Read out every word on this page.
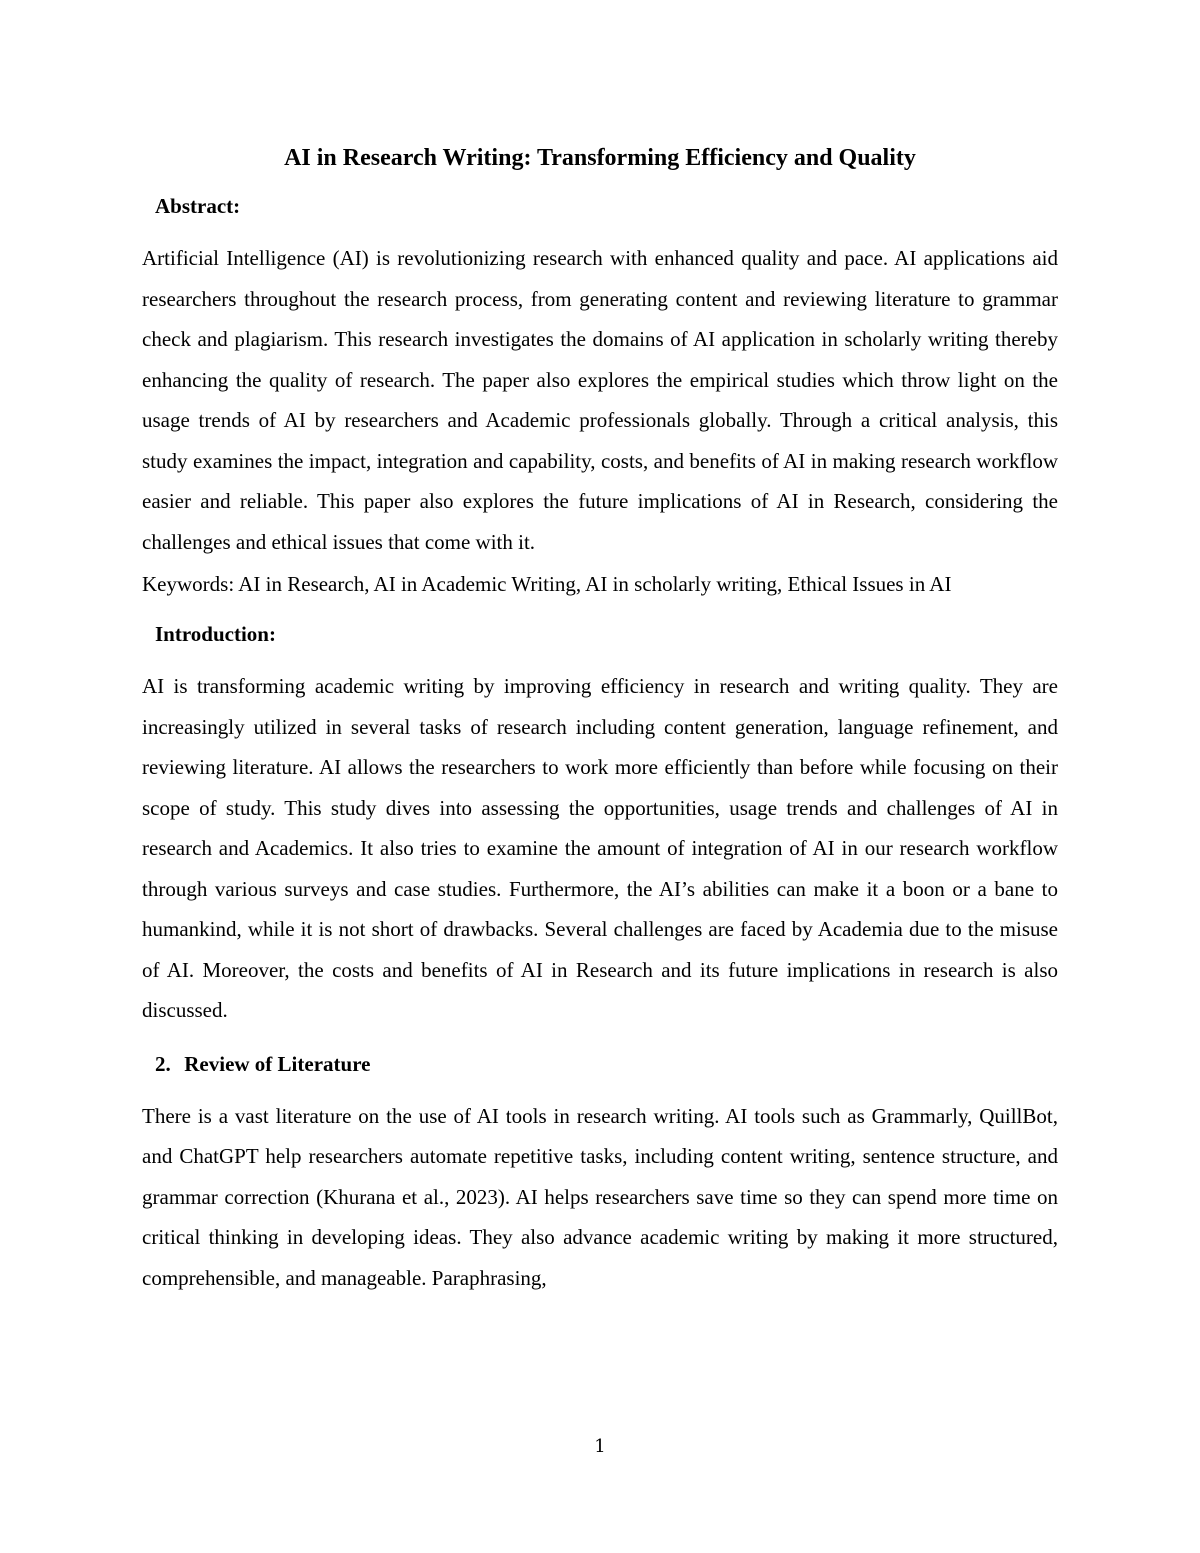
AI in Research Writing: Transforming Efficiency and Quality
Abstract:

Artificial Intelligence (AI) is revolutionizing research with enhanced quality and pace. AI applications aid researchers throughout the research process, from generating content and reviewing literature to grammar check and plagiarism. This research investigates the domains of AI application in scholarly writing thereby enhancing the quality of research. The paper also explores the empirical studies which throw light on the usage trends of AI by researchers and Academic professionals globally. Through a critical analysis, this study examines the impact, integration and capability, costs, and benefits of AI in making research workflow easier and reliable. This paper also explores the future implications of AI in Research, considering the challenges and ethical issues that come with it.

Keywords: AI in Research, AI in Academic Writing, AI in scholarly writing, Ethical Issues in AI
Introduction:

AI is transforming academic writing by improving efficiency in research and writing quality. They are increasingly utilized in several tasks of research including content generation, language refinement, and reviewing literature. AI allows the researchers to work more efficiently than before while focusing on their scope of study. This study dives into assessing the opportunities, usage trends and challenges of AI in research and Academics. It also tries to examine the amount of integration of AI in our research workflow through various surveys and case studies. Furthermore, the AI’s abilities can make it a boon or a bane to humankind, while it is not short of drawbacks. Several challenges are faced by Academia due to the misuse of AI. Moreover, the costs and benefits of AI in Research and its future implications in research is also discussed.

2. Review of Literature

There is a vast literature on the use of AI tools in research writing. AI tools such as Grammarly, QuillBot, and ChatGPT help researchers automate repetitive tasks, including content writing, sentence structure, and grammar correction (Khurana et al., 2023). AI helps researchers save time so they can spend more time on critical thinking in developing ideas. They also advance academic writing by making it more structured, comprehensible, and manageable. Paraphrasing,

1
